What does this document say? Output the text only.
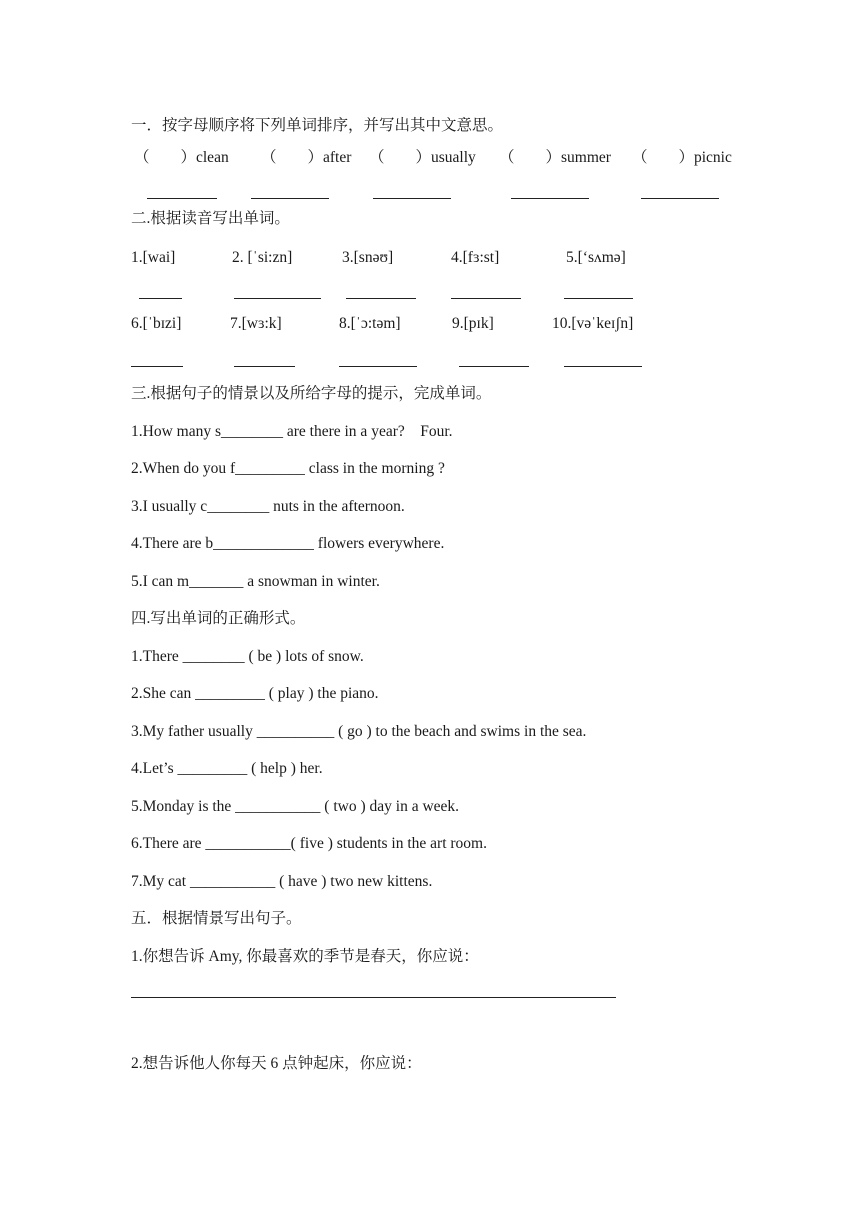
一．按字母顺序将下列单词排序，并写出其中文意思。
（　　）clean （　　）after （　　）usually （　　）summer （　　）picnic
二.根据读音写出单词。
1.[wai]	2. [ˈsi:zn]	3.[snəʊ]	4.[fɜ:st]	5.[‘sʌmə]
6.[ˈbɪzi]	7.[wɜ:k]	8.[ˈɔ:təm]	9.[pɪk]	10.[vəˈkeɪʃn]
三.根据句子的情景以及所给字母的提示，完成单词。
1.How many s________ are there in a year?    Four.
2.When do you f_________ class in the morning ?
3.I usually c________ nuts in the afternoon.
4.There are b_____________ flowers everywhere.
5.I can m_______ a snowman in winter.
四.写出单词的正确形式。
1.There ________ ( be ) lots of snow.
2.She can _________ ( play ) the piano.
3.My father usually __________ ( go ) to the beach and swims in the sea.
4.Let’s _________ ( help ) her.
5.Monday is the ___________ ( two ) day in a week.
6.There are ___________( five ) students in the art room.
7.My cat ___________ ( have ) two new kittens.
五．根据情景写出句子。
1.你想告诉 Amy, 你最喜欢的季节是春天，你应说：
2.想告诉他人你每天 6 点钟起床，你应说：
